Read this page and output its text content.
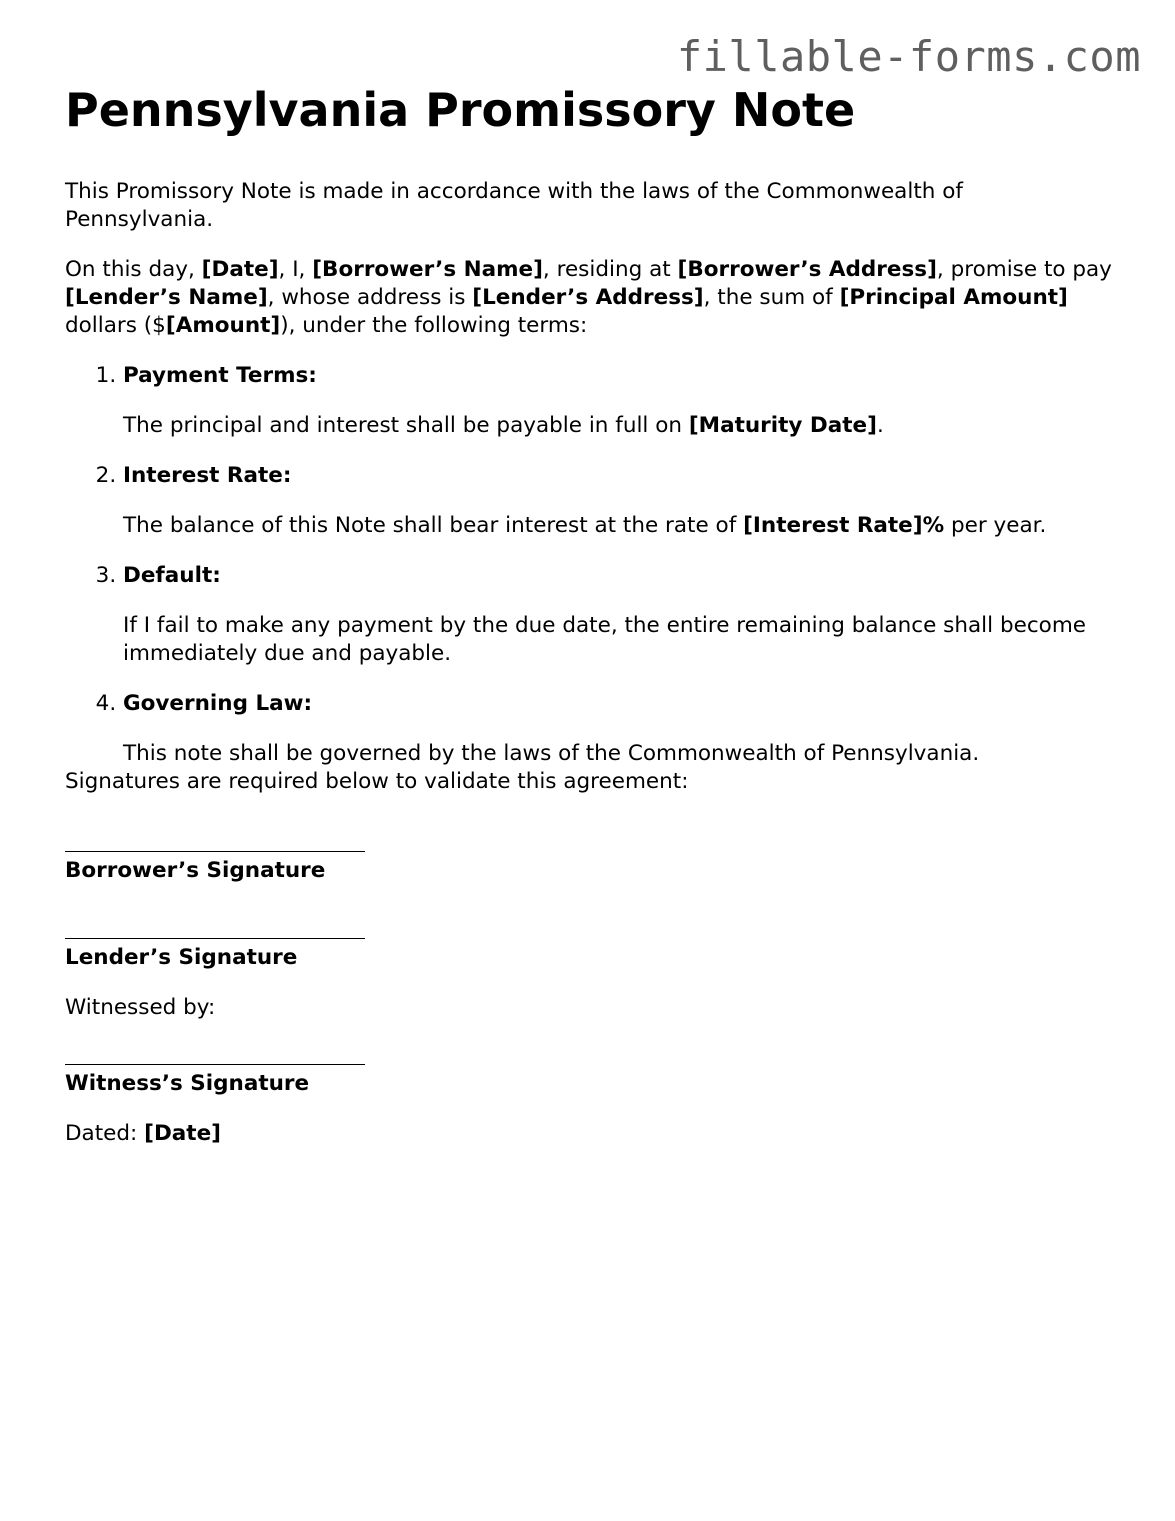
fillable-forms.com
Pennsylvania Promissory Note

This Promissory Note is made in accordance with the laws of the Commonwealth of Pennsylvania.

On this day, [Date], I, [Borrower’s Name], residing at [Borrower’s Address], promise to pay [Lender’s Name], whose address is [Lender’s Address], the sum of [Principal Amount] dollars ($[Amount]), under the following terms:

1. Payment Terms:
The principal and interest shall be payable in full on [Maturity Date].
2. Interest Rate:
The balance of this Note shall bear interest at the rate of [Interest Rate]% per year.
3. Default:
If I fail to make any payment by the due date, the entire remaining balance shall become immediately due and payable.
4. Governing Law:
This note shall be governed by the laws of the Commonwealth of Pennsylvania.

Signatures are required below to validate this agreement:

Borrower’s Signature
Lender’s Signature

Witnessed by:

Witness’s Signature

Dated: [Date]
